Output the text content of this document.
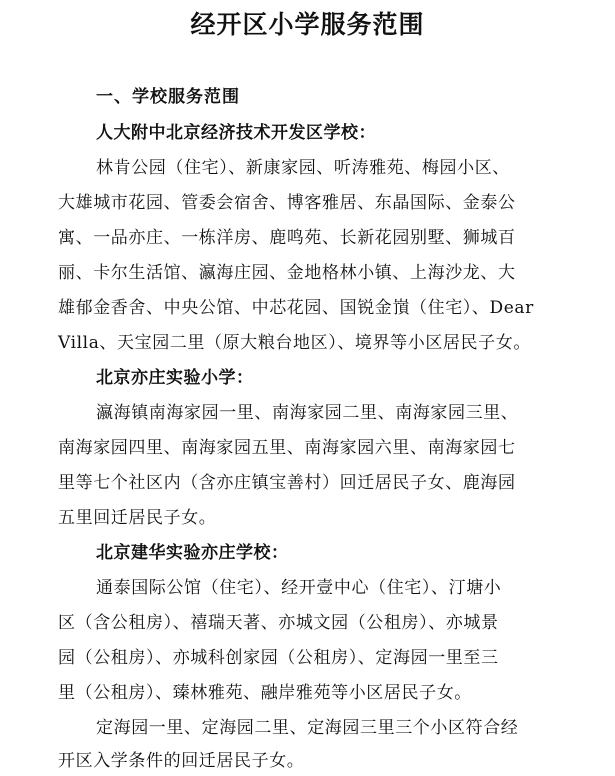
经开区小学服务范围
一、学校服务范围
人大附中北京经济技术开发区学校：
林肯公园（住宅）、新康家园、听涛雅苑、梅园小区、
大雄城市花园、管委会宿舍、博客雅居、东晶国际、金泰公
寓、一品亦庄、一栋洋房、鹿鸣苑、长新花园别墅、狮城百
丽、卡尔生活馆、瀛海庄园、金地格林小镇、上海沙龙、大
雄郁金香舍、中央公馆、中芯花园、国锐金嵿（住宅）、Dear
Villa、天宝园二里（原大粮台地区）、境界等小区居民子女。
北京亦庄实验小学：
瀛海镇南海家园一里、南海家园二里、南海家园三里、
南海家园四里、南海家园五里、南海家园六里、南海家园七
里等七个社区内（含亦庄镇宝善村）回迁居民子女、鹿海园
五里回迁居民子女。
北京建华实验亦庄学校：
通泰国际公馆（住宅）、经开壹中心（住宅）、汀塘小
区（含公租房）、禧瑞天著、亦城文园（公租房）、亦城景
园（公租房）、亦城科创家园（公租房）、定海园一里至三
里（公租房）、臻林雅苑、融岸雅苑等小区居民子女。
定海园一里、定海园二里、定海园三里三个小区符合经
开区入学条件的回迁居民子女。
